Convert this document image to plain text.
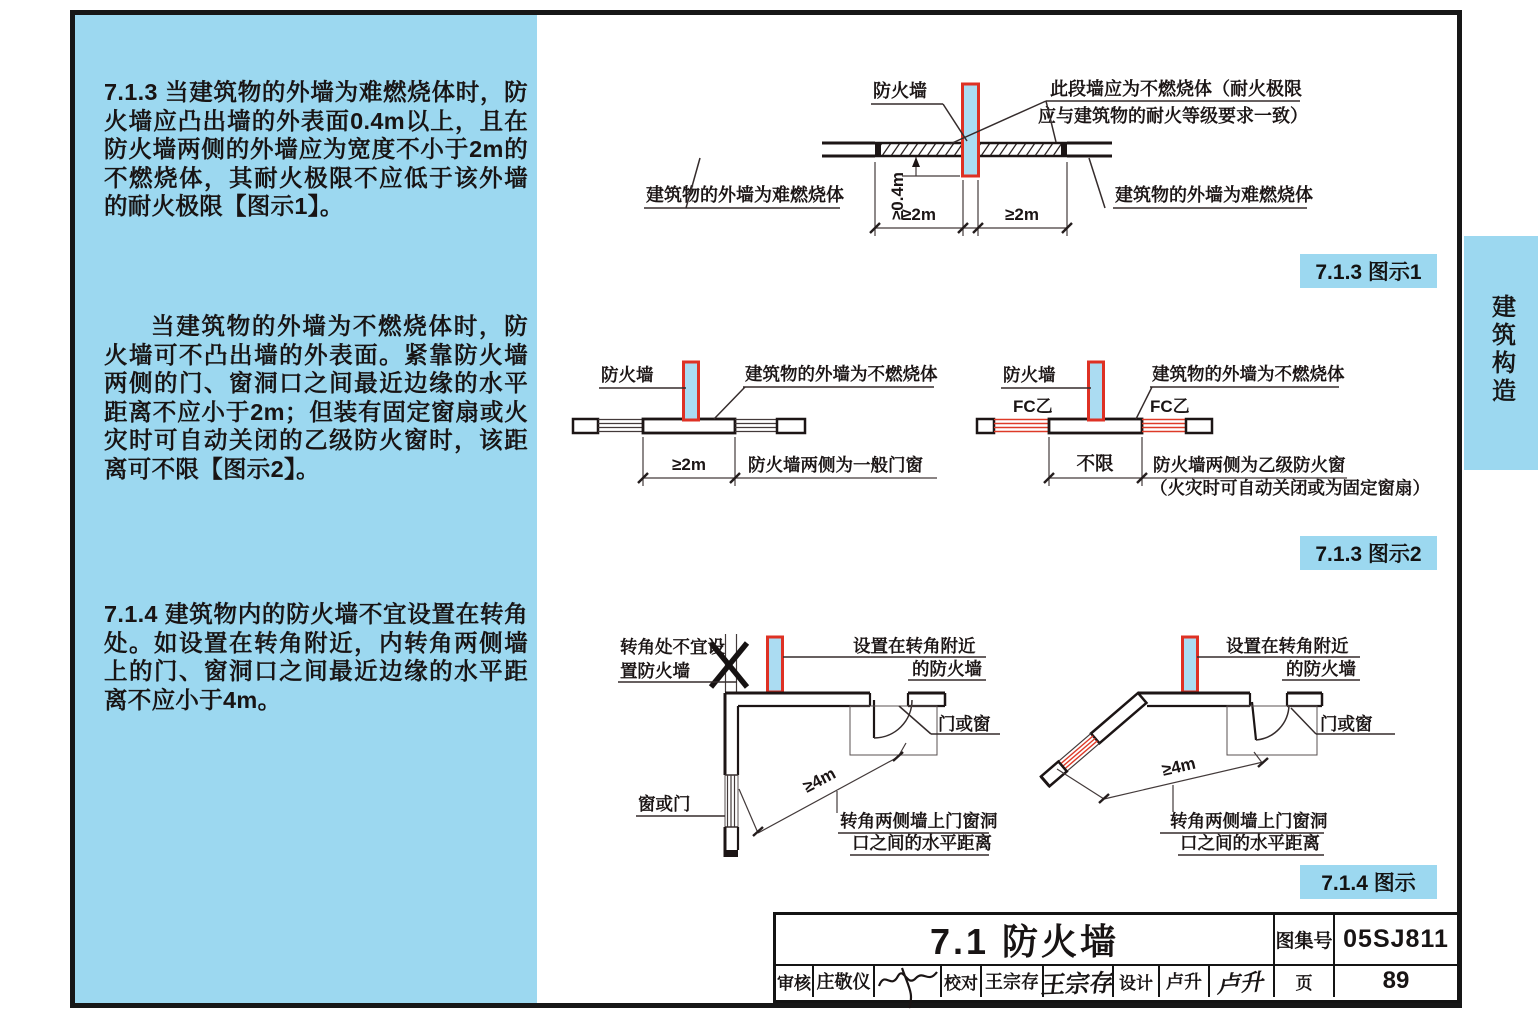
7.1.3 当建筑物的外墙为难燃烧体时，防火墙应凸出墙的外表面0.4m以上，且在防火墙两侧的外墙应为宽度不小于2m的不燃烧体，其耐火极限不应低于该外墙的耐火极限【图示1】。
当建筑物的外墙为不燃烧体时，防火墙可不凸出墙的外表面。紧靠防火墙两侧的门、窗洞口之间最近边缘的水平距离不应小于2m；但装有固定窗扇或火灾时可自动关闭的乙级防火窗时，该距离可不限【图示2】。
7.1.4 建筑物内的防火墙不宜设置在转角处。如设置在转角附近，内转角两侧墙上的门、窗洞口之间最近边缘的水平距离不应小于4m。
建筑构造
防火墙	此段墙应为不燃烧体（耐火极限
应与建筑物的耐火等级要求一致）
建筑物的外墙为难燃烧体	建筑物的外墙为难燃烧体
≥0.4m
≥2m	≥2m
7.1.3 图示1
防火墙	建筑物的外墙为不燃烧体
≥2m 防火墙两侧为一般门窗
防火墙
FC乙	FC乙
建筑物的外墙为不燃烧体
不限 防火墙两侧为乙级防火窗
（火灾时可自动关闭或为固定窗扇）
7.1.3 图示2
转角处不宜设
置防火墙
设置在转角附近
的防火墙
门或窗
窗或门
≥4m
转角两侧墙上门窗洞
口之间的水平距离
设置在转角附近
的防火墙
门或窗
≥4m
转角两侧墙上门窗洞
口之间的水平距离
7.1.4 图示
7.1 防火墙	图集号 05SJ811
审核 庄敬仪	校对 王宗存 王宗存 设计 卢升 卢升	页	89
